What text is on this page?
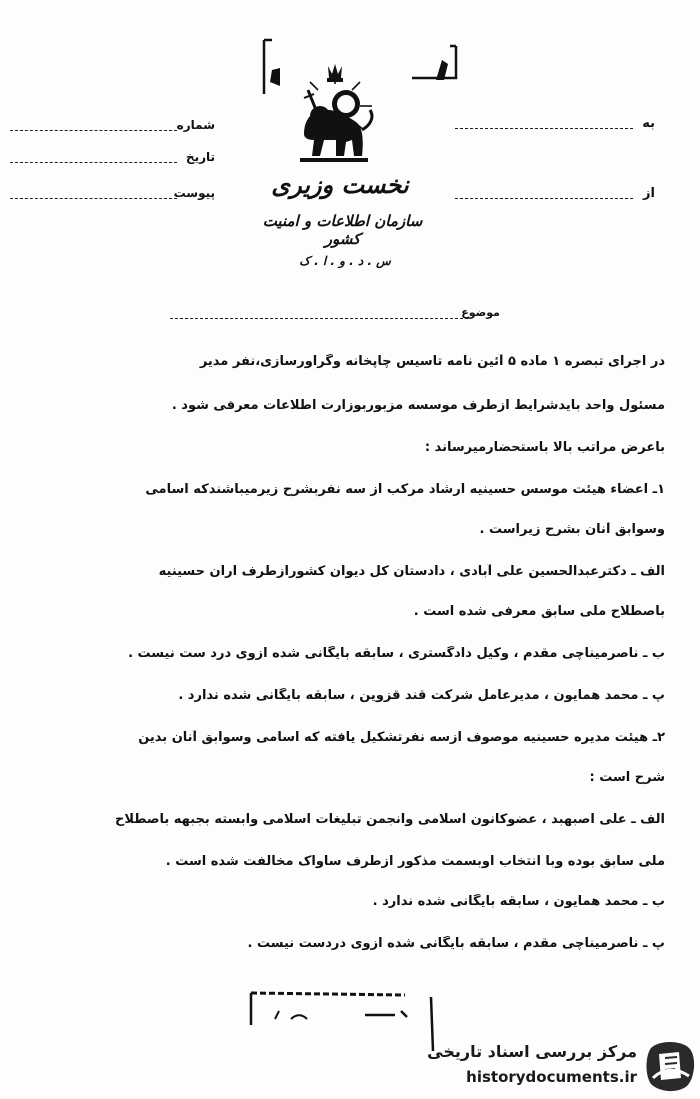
شماره
تاریخ
پیوست
به
از
نخست وزیری
سازمان اطلاعات و امنیت کشور
س . د . و . ا . ک
موضوع
در اجرای تبصره ۱ ماده ۵ آئین نامه تاسیس چاپخانه وگراورسازی،نفر مدیر
مسئول واحد بایدشرایط ازطرف موسسه مزبوربوزارت اطلاعات معرفی شود .
باعرض مراتب بالا باستحضارمیرساند :
۱ـ اعضاء هیئت موسس حسینیه ارشاد مرکب از سه نفربشرح زیرمیباشندکه اسامی
وسوابق آنان بشرح زیراست .
الف ـ دکترعبدالحسین علی آبادی ، دادستان کل دیوان کشورازطرف اران حسینیه
باصطلاح ملی سابق معرفی شده است .
ب ـ ناصرمیناچی مقدم ، وکیل دادگستری ، سابقه بایگانی شده ازوی درد ست نیست .
پ ـ محمد همایون ، مدیرعامل شرکت قند قزوین ، سابقه بایگانی شده ندارد .
۲ـ هیئت مدیره حسینیه موصوف ازسه نفرتشکیل یافته که اسامی وسوابق آنان بدین
شرح است :
الف ـ علی اصبهبد ، عضوکانون اسلامی وانجمن تبلیغات اسلامی وابسته بجبهه باصطلاح
ملی سابق بوده وبا انتخاب اوبسمت مذکور ازطرف ساواک مخالفت شده است .
ب ـ محمد همایون ، سابقه بایگانی شده ندارد .
پ ـ ناصرمیناچی مقدم ، سابقه بایگانی شده ازوی دردست نیست .
مرکز بررسی اسناد تاریخی
historydocuments.ir
